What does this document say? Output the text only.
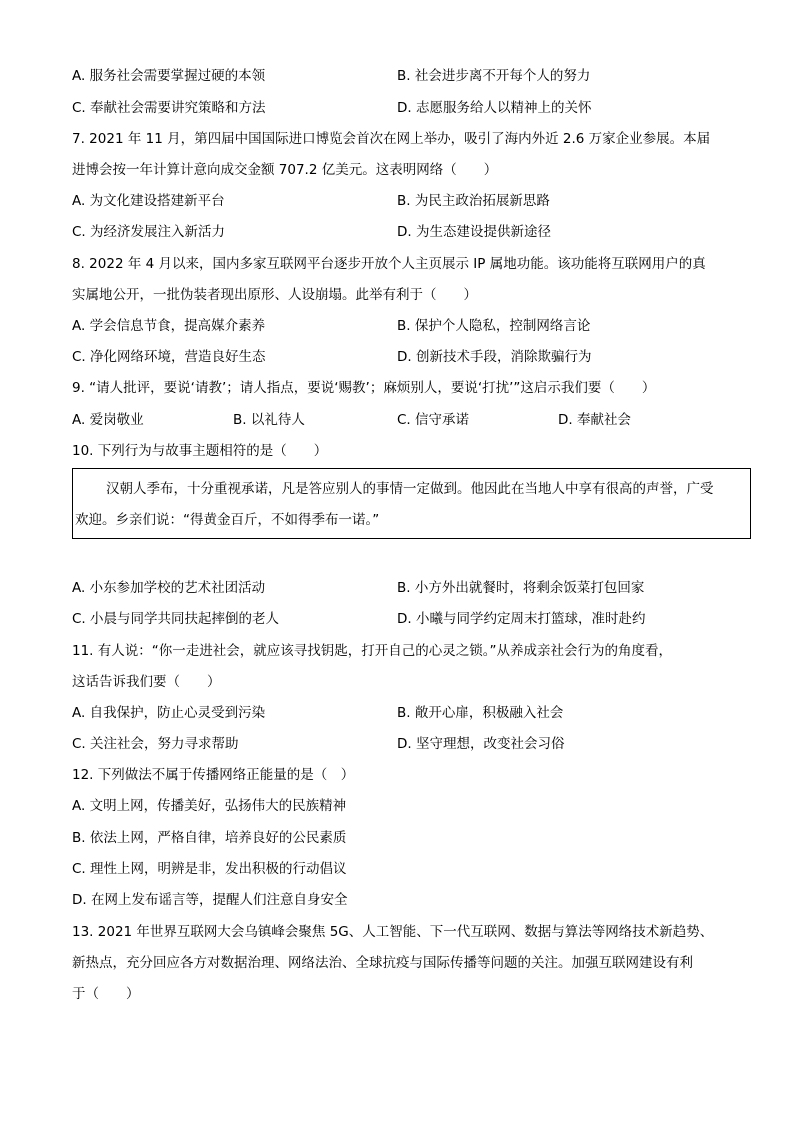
A. 服务社会需要掌握过硬的本领	B. 社会进步离不开每个人的努力
C. 奉献社会需要讲究策略和方法	D. 志愿服务给人以精神上的关怀
7. 2021 年 11 月，第四届中国国际进口博览会首次在网上举办，吸引了海内外近 2.6 万家企业参展。本届
进博会按一年计算计意向成交金额 707.2 亿美元。这表明网络（　　）
A. 为文化建设搭建新平台	B. 为民主政治拓展新思路
C. 为经济发展注入新活力	D. 为生态建设提供新途径
8. 2022 年 4 月以来，国内多家互联网平台逐步开放个人主页展示 IP 属地功能。该功能将互联网用户的真
实属地公开，一批伪装者现出原形、人设崩塌。此举有利于（　　）
A. 学会信息节食，提高媒介素养	B. 保护个人隐私，控制网络言论
C. 净化网络环境，营造良好生态	D. 创新技术手段，消除欺骗行为
9. “请人批评，要说‘请教’；请人指点，要说‘赐教’；麻烦别人，要说‘打扰’”这启示我们要（　　）
A. 爱岗敬业	B. 以礼待人	C. 信守承诺	D. 奉献社会
10. 下列行为与故事主题相符的是（　　）
汉朝人季布，十分重视承诺，凡是答应别人的事情一定做到。他因此在当地人中享有很高的声誉，广受
欢迎。乡亲们说：“得黄金百斤，不如得季布一诺。”
A. 小东参加学校的艺术社团活动	B. 小方外出就餐时，将剩余饭菜打包回家
C. 小晨与同学共同扶起摔倒的老人	D. 小曦与同学约定周末打篮球，准时赴约
11. 有人说：“你一走进社会，就应该寻找钥匙，打开自己的心灵之锁。”从养成亲社会行为的角度看，
这话告诉我们要（　　）
A. 自我保护，防止心灵受到污染	B. 敞开心扉，积极融入社会
C. 关注社会，努力寻求帮助	D. 坚守理想，改变社会习俗
12. 下列做法不属于传播网络正能量的是（　）
A. 文明上网，传播美好，弘扬伟大的民族精神
B. 依法上网，严格自律，培养良好的公民素质
C. 理性上网，明辨是非，发出积极的行动倡议
D. 在网上发布谣言等，提醒人们注意自身安全
13. 2021 年世界互联网大会乌镇峰会聚焦 5G、人工智能、下一代互联网、数据与算法等网络技术新趋势、
新热点，充分回应各方对数据治理、网络法治、全球抗疫与国际传播等问题的关注。加强互联网建设有利
于（　　）
